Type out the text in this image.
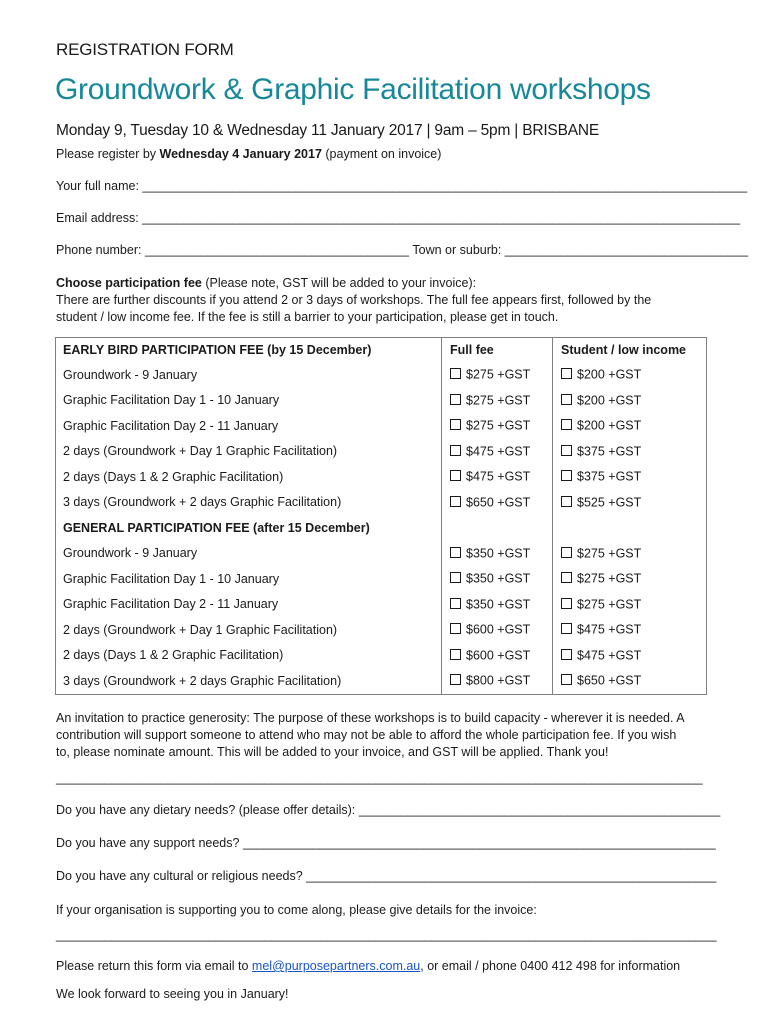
REGISTRATION FORM
Groundwork & Graphic Facilitation workshops
Monday 9, Tuesday 10 & Wednesday 11 January 2017 | 9am – 5pm | BRISBANE
Please register by Wednesday 4 January 2017 (payment on invoice)
Your full name: _______________________________________________________________________________________
Email address: ______________________________________________________________________________________
Phone number: ______________________________________ Town or suburb: ___________________________________
Choose participation fee (Please note, GST will be added to your invoice):
There are further discounts if you attend 2 or 3 days of workshops. The full fee appears first, followed by the
student / low income fee. If the fee is still a barrier to your participation, please get in touch.
EARLY BIRD PARTICIPATION FEE (by 15 December)	Full fee	Student / low income
Groundwork - 9 January	$275 +GST	$200 +GST
Graphic Facilitation Day 1 - 10 January	$275 +GST	$200 +GST
Graphic Facilitation Day 2 - 11 January	$275 +GST	$200 +GST
2 days (Groundwork + Day 1 Graphic Facilitation)	$475 +GST	$375 +GST
2 days (Days 1 & 2 Graphic Facilitation)	$475 +GST	$375 +GST
3 days (Groundwork + 2 days Graphic Facilitation)	$650 +GST	$525 +GST
GENERAL PARTICIPATION FEE (after 15 December)		
Groundwork - 9 January	$350 +GST	$275 +GST
Graphic Facilitation Day 1 - 10 January	$350 +GST	$275 +GST
Graphic Facilitation Day 2 - 11 January	$350 +GST	$275 +GST
2 days (Groundwork + Day 1 Graphic Facilitation)	$600 +GST	$475 +GST
2 days (Days 1 & 2 Graphic Facilitation)	$600 +GST	$475 +GST
3 days (Groundwork + 2 days Graphic Facilitation)	$800 +GST	$650 +GST
An invitation to practice generosity: The purpose of these workshops is to build capacity - wherever it is needed. A
contribution will support someone to attend who may not be able to afford the whole participation fee. If you wish
to, please nominate amount. This will be added to your invoice, and GST will be applied. Thank you!
_____________________________________________________________________________________________
Do you have any dietary needs? (please offer details): ____________________________________________________
Do you have any support needs? ____________________________________________________________________
Do you have any cultural or religious needs? ___________________________________________________________
If your organisation is supporting you to come along, please give details for the invoice:
_______________________________________________________________________________________________
Please return this form via email to mel@purposepartners.com.au, or email / phone 0400 412 498 for information
We look forward to seeing you in January!
